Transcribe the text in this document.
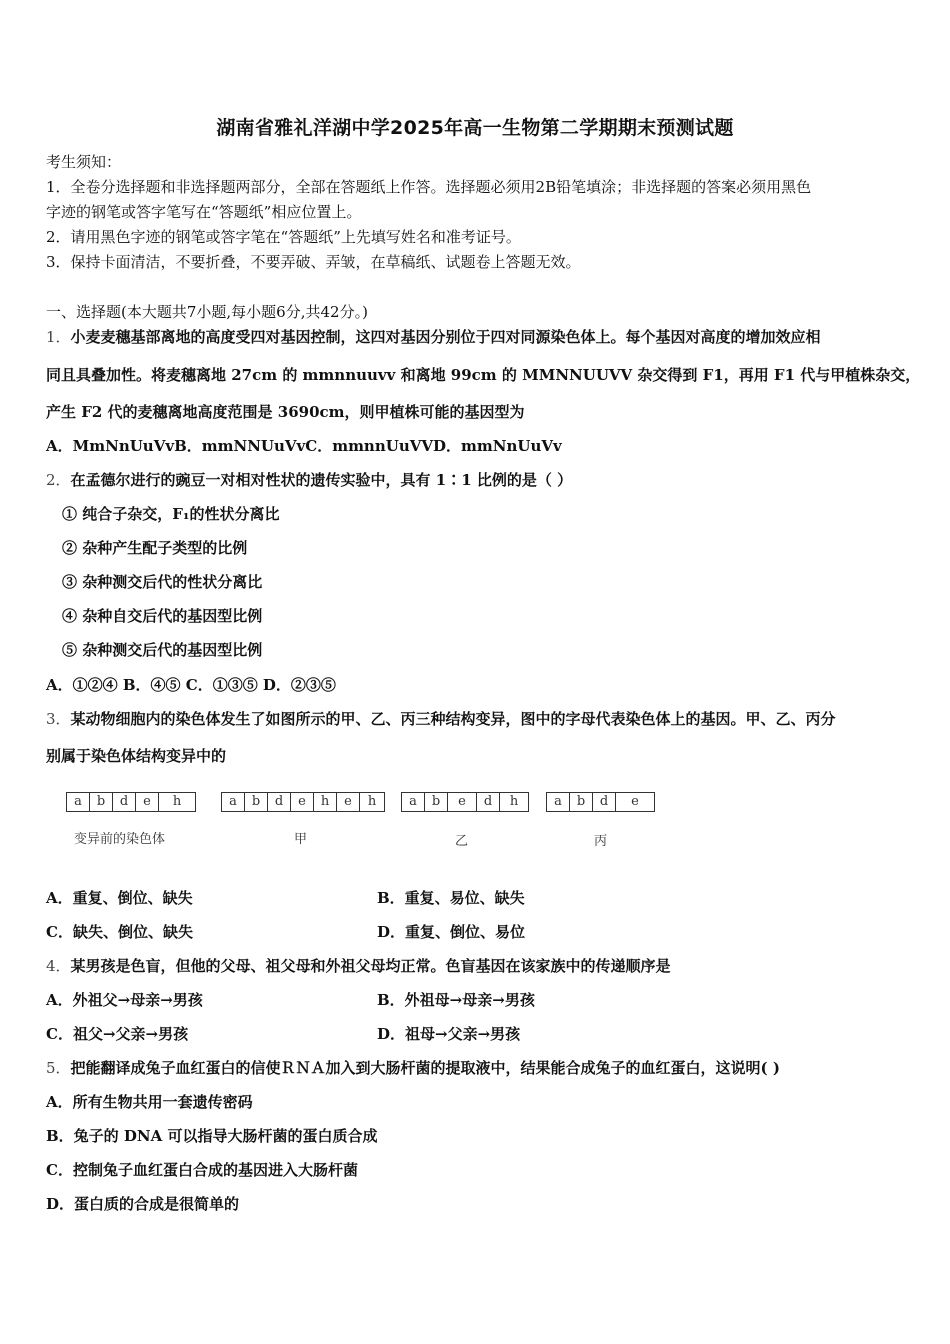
湖南省雅礼洋湖中学2025年高一生物第二学期期末预测试题
考生须知：
1．全卷分选择题和非选择题两部分，全部在答题纸上作答。选择题必须用2B铅笔填涂；非选择题的答案必须用黑色
字迹的钢笔或答字笔写在“答题纸”相应位置上。
2．请用黑色字迹的钢笔或答字笔在“答题纸”上先填写姓名和准考证号。
3．保持卡面清洁，不要折叠，不要弄破、弄皱，在草稿纸、试题卷上答题无效。
一、选择题(本大题共7小题,每小题6分,共42分。)
1．小麦麦穗基部离地的高度受四对基因控制，这四对基因分别位于四对同源染色体上。每个基因对高度的增加效应相
同且具叠加性。将麦穗离地 27cm 的 mmnnuuvv 和离地 99cm 的 MMNNUUVV 杂交得到 F1，再用 F1 代与甲植株杂交，
产生 F2 代的麦穗离地高度范围是 3690cm，则甲植株可能的基因型为
A．MmNnUuVvB．mmNNUuVvC．mmnnUuVVD．mmNnUuVv
2．在孟德尔进行的豌豆一对相对性状的遗传实验中，具有 1∶1 比例的是（ ）
① 纯合子杂交，F₁的性状分离比
② 杂种产生配子类型的比例
③ 杂种测交后代的性状分离比
④ 杂种自交后代的基因型比例
⑤ 杂种测交后代的基因型比例
A．①②④ B．④⑤ C．①③⑤ D．②③⑤
3．某动物细胞内的染色体发生了如图所示的甲、乙、丙三种结构变异，图中的字母代表染色体上的基因。甲、乙、丙分
别属于染色体结构变异中的
a	b	d	e	h	a	b	d	e	h	e	h	a	b	e	d	h	a	b	d	e
变异前的染色体	甲	乙	丙
A．重复、倒位、缺失	B．重复、易位、缺失
C．缺失、倒位、缺失	D．重复、倒位、易位
4．某男孩是色盲，但他的父母、祖父母和外祖父母均正常。色盲基因在该家族中的传递顺序是
A．外祖父→母亲→男孩	B．外祖母→母亲→男孩
C．祖父→父亲→男孩	D．祖母→父亲→男孩
5．把能翻译成兔子血红蛋白的信使ＲＮＡ加入到大肠杆菌的提取液中，结果能合成兔子的血红蛋白，这说明( )
A．所有生物共用一套遗传密码
B．兔子的 DNA 可以指导大肠杆菌的蛋白质合成
C．控制兔子血红蛋白合成的基因进入大肠杆菌
D．蛋白质的合成是很简单的
